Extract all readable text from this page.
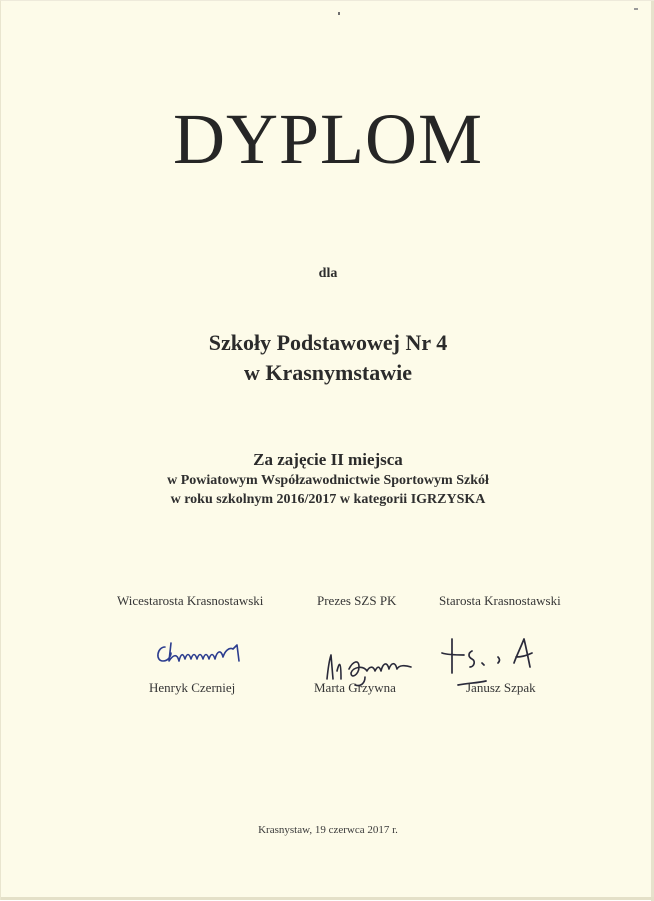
DYPLOM
dla
Szkoły Podstawowej Nr 4
w Krasnymstawie
Za zajęcie II miejsca
w Powiatowym Współzawodnictwie Sportowym Szkół
w roku szkolnym 2016/2017 w kategorii IGRZYSKA
Wicestarosta Krasnostawski	Prezes SZS PK	Starosta Krasnostawski
Henryk Czerniej	Marta Grzywna	Janusz Szpak
Krasnystaw, 19 czerwca 2017 r.
